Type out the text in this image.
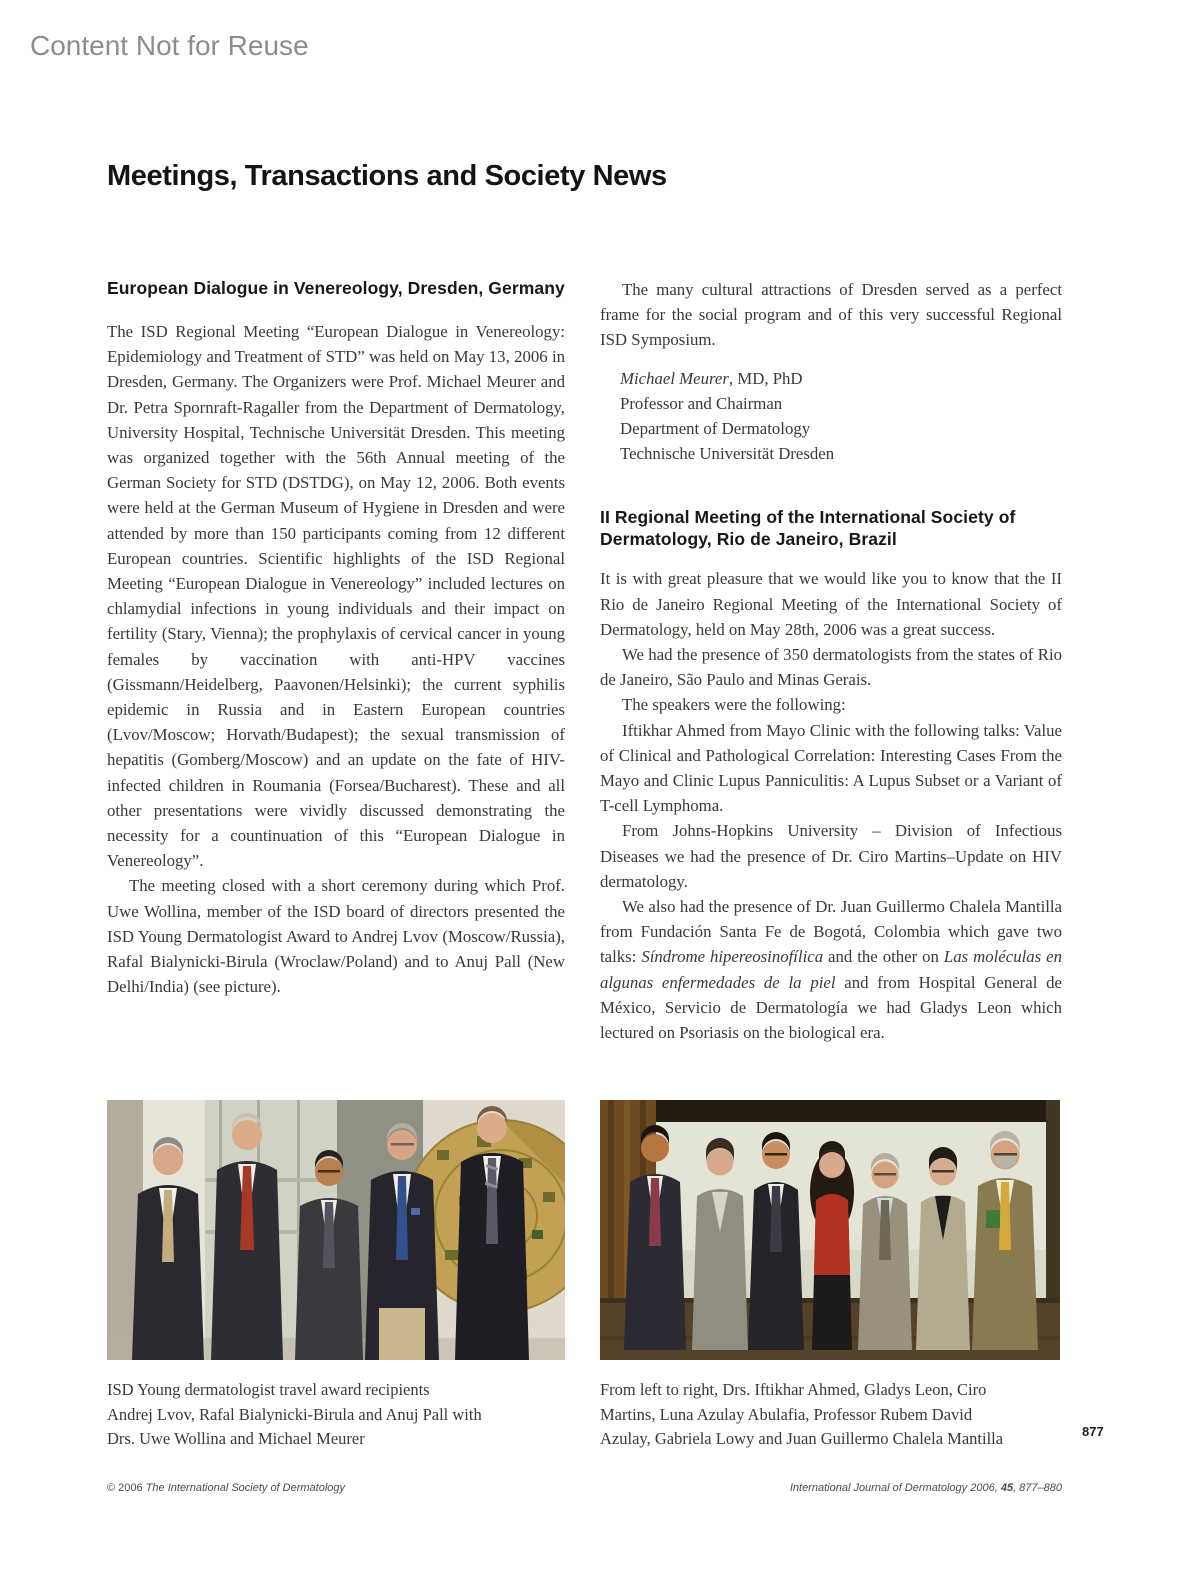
Content Not for Reuse
Meetings, Transactions and Society News
European Dialogue in Venereology, Dresden, Germany

The ISD Regional Meeting “European Dialogue in Venereology: Epidemiology and Treatment of STD” was held on May 13, 2006 in Dresden, Germany. The Organizers were Prof. Michael Meurer and Dr. Petra Spornraft-Ragaller from the Department of Dermatology, University Hospital, Technische Universität Dresden. This meeting was organized together with the 56th Annual meeting of the German Society for STD (DSTDG), on May 12, 2006. Both events were held at the German Museum of Hygiene in Dresden and were attended by more than 150 participants coming from 12 different European countries. Scientific highlights of the ISD Regional Meeting “European Dialogue in Venereology” included lectures on chlamydial infections in young individuals and their impact on fertility (Stary, Vienna); the prophylaxis of cervical cancer in young females by vaccination with anti-HPV vaccines (Gissmann/Heidelberg, Paavonen/Helsinki); the current syphilis epidemic in Russia and in Eastern European countries (Lvov/Moscow; Horvath/Budapest); the sexual transmission of hepatitis (Gomberg/Moscow) and an update on the fate of HIV-infected children in Roumania (Forsea/Bucharest). These and all other presentations were vividly discussed demonstrating the necessity for a countinuation of this “European Dialogue in Venereology”.

The meeting closed with a short ceremony during which Prof. Uwe Wollina, member of the ISD board of directors presented the ISD Young Dermatologist Award to Andrej Lvov (Moscow/Russia), Rafal Bialynicki-Birula (Wroclaw/Poland) and to Anuj Pall (New Delhi/India) (see picture).

The many cultural attractions of Dresden served as a perfect frame for the social program and of this very successful Regional ISD Symposium.

Michael Meurer, MD, PhD
Professor and Chairman
Department of Dermatology
Technische Universität Dresden
II Regional Meeting of the International Society of Dermatology, Rio de Janeiro, Brazil

It is with great pleasure that we would like you to know that the II Rio de Janeiro Regional Meeting of the International Society of Dermatology, held on May 28th, 2006 was a great success.

We had the presence of 350 dermatologists from the states of Rio de Janeiro, São Paulo and Minas Gerais.

The speakers were the following:

Iftikhar Ahmed from Mayo Clinic with the following talks: Value of Clinical and Pathological Correlation: Interesting Cases From the Mayo and Clinic Lupus Panniculitis: A Lupus Subset or a Variant of T-cell Lymphoma.

From Johns-Hopkins University – Division of Infectious Diseases we had the presence of Dr. Ciro Martins–Update on HIV dermatology.

We also had the presence of Dr. Juan Guillermo Chalela Mantilla from Fundación Santa Fe de Bogotá, Colombia which gave two talks: Síndrome hipereosinofílica and the other on Las moléculas en algunas enfermedades de la piel and from Hospital General de México, Servicio de Dermatología we had Gladys Leon which lectured on Psoriasis on the biological era.

ISD Young dermatologist travel award recipients
Andrej Lvov, Rafal Bialynicki-Birula and Anuj Pall with
Drs. Uwe Wollina and Michael Meurer
From left to right, Drs. Iftikhar Ahmed, Gladys Leon, Ciro
Martins, Luna Azulay Abulafia, Professor Rubem David
Azulay, Gabriela Lowy and Juan Guillermo Chalela Mantilla	877
© 2006 The International Society of Dermatology	International Journal of Dermatology 2006, 45, 877–880
